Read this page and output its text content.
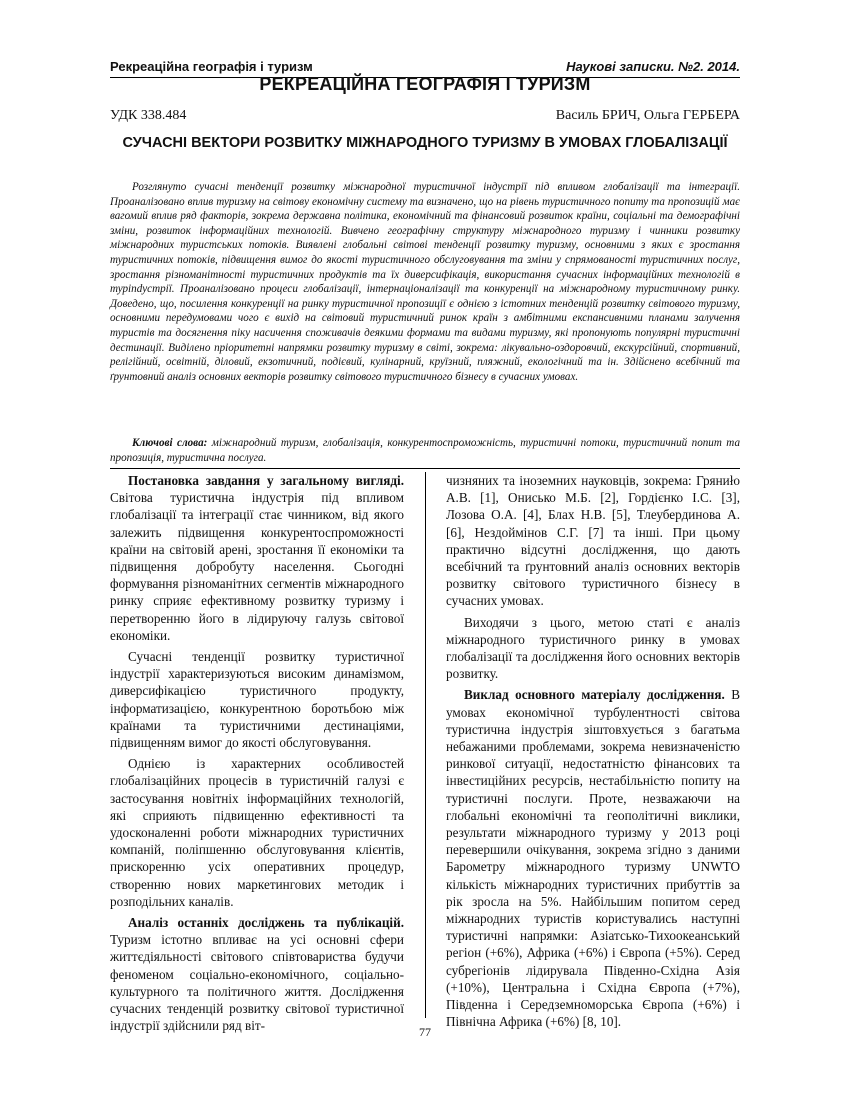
Рекреаційна географія і туризм	Наукові записки. №2. 2014.
РЕКРЕАЦІЙНА ГЕОГРАФІЯ І ТУРИЗМ
УДК 338.484	Василь БРИЧ, Ольга ГЕРБЕРА
СУЧАСНІ ВЕКТОРИ РОЗВИТКУ МІЖНАРОДНОГО ТУРИЗМУ В УМОВАХ ГЛОБАЛІЗАЦІЇ
Розглянуто сучасні тенденції розвитку міжнародної туристичної індустрії під впливом глобалізації та інтеграції. Проаналізовано вплив туризму на світову економічну систему та визначено, що на рівень туристичного попиту та пропозицій має вагомий вплив ряд факторів, зокрема державна політика, економічний та фінансовий розвиток країни, соціальні та демографічні зміни, розвиток інформаційних технологій. Вивчено географічну структуру міжнародного туризму і чинники розвитку міжнародних туристських потоків. Виявлені глобальні світові тенденції розвитку туризму, основними з яких є зростання туристичних потоків, підвищення вимог до якості туристичного обслуговування та зміни у спрямованості туристичних послуг, зростання різноманітності туристичних продуктів та їх диверсифікація, використання сучасних інформаційних технологій в турindустрії. Проаналізовано процеси глобалізації, інтернаціоналізації та конкуренції на міжнародному туристичному ринку. Доведено, що, посилення конкуренції на ринку туристичної пропозиції є однією з істотних тенденцій розвитку світового туризму, основними передумовами чого є вихід на світовий туристичний ринок країн з амбітними експансивними планами залучення туристів та досягнення піку насичення споживачів деякими формами та видами туризму, які пропонують популярні туристичні дестинації. Виділено пріоритетні напрямки розвитку туризму в світі, зокрема: лікувально-оздоровчий, екскурсійний, спортивний, релігійний, освітній, діловий, екзотичний, подієвий, кулінарний, круїзний, пляжний, екологічний та ін. Здійснено всебічний та ґрунтовний аналіз основних векторів розвитку світового туристичного бізнесу в сучасних умовах.
Ключові слова: міжнародний туризм, глобалізація, конкурентоспроможність, туристичні потоки, туристичний попит та пропозиція, туристична послуга.

Постановка завдання у загальному вигляді. Світова туристична індустрія під впливом глобалізації та інтеграції стає чинником, від якого залежить підвищення конкурентоспроможності країни на світовій арені, зростання її економіки та підвищення добробуту населення. Сьогодні формування різноманітних сегментів міжнародного ринку сприяє ефективному розвитку туризму і перетворенню його в лідируючу галузь світової економіки.

Сучасні тенденції розвитку туристичної індустрії характеризуються високим динамізмом, диверсифікацією туристичного продукту, інформатизацією, конкурентною боротьбою між країнами та туристичними дестинаціями, підвищенням вимог до якості обслуговування.

Однією із характерних особливостей глобалізаційних процесів в туристичній галузі є застосування новітніх інформаційних технологій, які сприяють підвищенню ефективності та удосконаленні роботи міжнародних туристичних компаній, поліпшенню обслуговування клієнтів, прискоренню усіх оперативних процедур, створенню нових маркетингових методик і розподільних каналів.

Аналіз останніх досліджень та публікацій. Туризм істотно впливає на усі основні сфери життєдіяльності світового співтовариства будучи феноменом соціально-економічного, соціально-культурного та політичного життя. Дослідження сучасних тенденцій розвитку світової туристичної індустрії здійснили ряд віт-

чизняних та іноземних науковців, зокрема: Гряниło А.В. [1], Онисько М.Б. [2], Гордієнко І.С. [3], Лозова О.А. [4], Блах Н.В. [5], Тлеубердинова А. [6], Нездоймінов С.Г. [7] та інші. При цьому практично відсутні дослідження, що дають всебічний та ґрунтовний аналіз основних векторів розвитку світового туристичного бізнесу в сучасних умовах.

Виходячи з цього, метою статі є аналіз міжнародного туристичного ринку в умовах глобалізації та дослідження його основних векторів розвитку.

Виклад основного матеріалу дослідження. В умовах економічної турбулентності світова туристична індустрія зіштовхується з багатьма небажаними проблемами, зокрема невизначеністю ринкової ситуації, недостатністю фінансових та інвестиційних ресурсів, нестабільністю попиту на туристичні послуги. Проте, незважаючи на глобальні економічні та геополітичні виклики, результати міжнародного туризму у 2013 році перевершили очікування, зокрема згідно з даними Барометру міжнародного туризму UNWTO кількість міжнародних туристичних прибуттів за рік зросла на 5%. Найбільшим попитом серед міжнародних туристів користувались наступні туристичні напрямки: Азіатсько-Тихоокеанський регіон (+6%), Африка (+6%) і Європа (+5%). Серед субрегіонів лідирувала Південно-Східна Азія (+10%), Центральна і Східна Європа (+7%), Південна і Середземноморська Європа (+6%) і Північна Африка (+6%) [8, 10].

77
